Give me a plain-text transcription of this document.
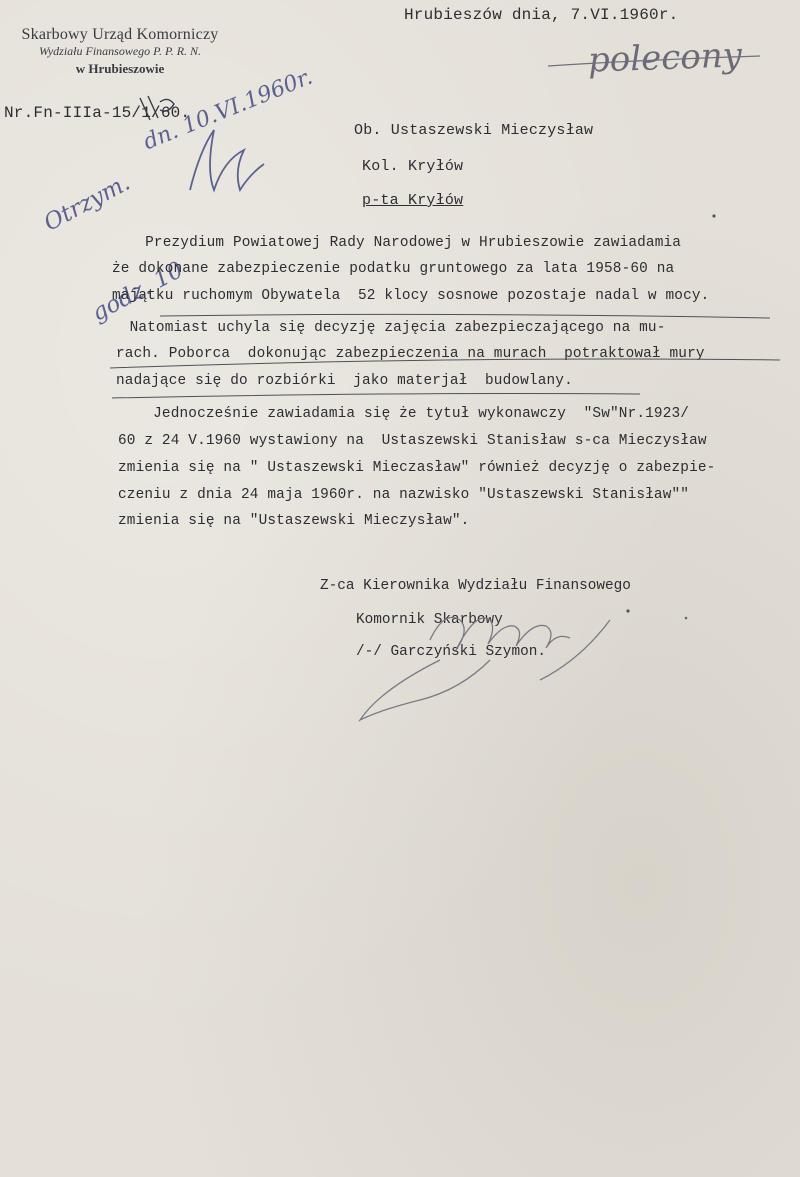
Skarbowy Urząd Komorniczy
Wydziału Finansowego P. P. R. N.
w Hrubieszowie
Hrubieszów dnia, 7.VI.1960r.
polecony
Nr.Fn-IIIa-15/1/60.

Otrzym.

godz. 10

dn. 10.VI.1960r.	Ob. Ustaszewski Mieczysław
Kol. Kryłów
p-ta Kryłów
Prezydium Powiatowej Rady Narodowej w Hrubieszowie zawiadamia
że dokonane zabezpieczenie podatku gruntowego za lata 1958-60 na
majątku ruchomym Obywatela  52 klocy sosnowe pozostaje nadal w mocy.
Natomiast uchyla się decyzję zajęcia zabezpieczającego na mu-
rach. Poborca  dokonując zabezpieczenia na murach  potraktował mury
nadające się do rozbiórki  jako materjał  budowlany.
Jednocześnie zawiadamia się że tytuł wykonawczy  "Sw"Nr.1923/
60 z 24 V.1960 wystawiony na  Ustaszewski Stanisław s-ca Mieczysław
zmienia się na " Ustaszewski Mieczasław" również decyzję o zabezpie-
czeniu z dnia 24 maja 1960r. na nazwisko "Ustaszewski Stanisław""
zmienia się na "Ustaszewski Mieczysław".
Z-ca Kierownika Wydziału Finansowego
Komornik Skarbowy
/-/ Garczyński Szymon.
